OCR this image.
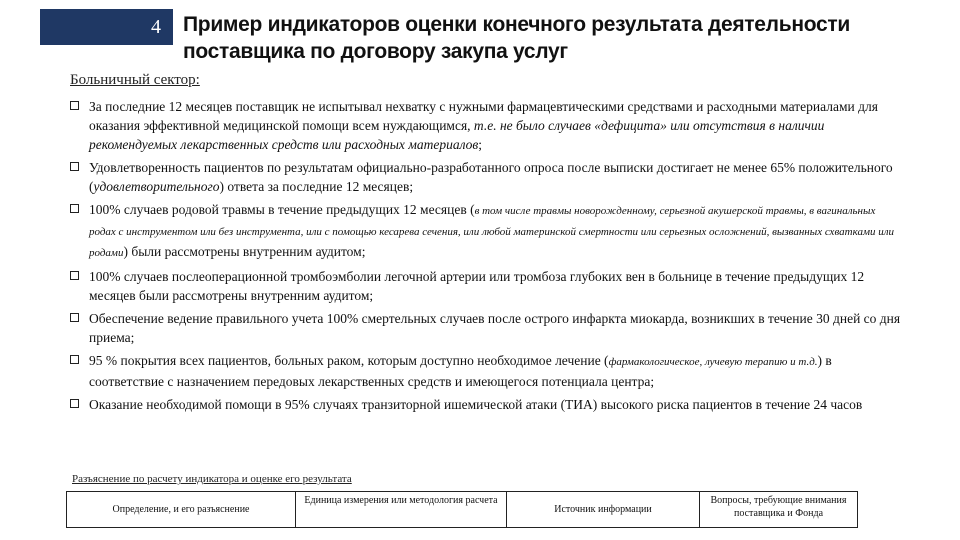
4 Пример индикаторов оценки конечного результата деятельности поставщика по договору закупа услуг
Больничный сектор:
За последние 12 месяцев поставщик не испытывал нехватку с нужными фармацевтическими средствами и расходными материалами для оказания эффективной медицинской помощи всем нуждающимся, т.е. не было случаев «дефицита» или отсутствия в наличии рекомендуемых лекарственных средств или расходных материалов;
Удовлетворенность пациентов по результатам официально-разработанного опроса после выписки достигает не менее 65% положительного (удовлетворительного) ответа за последние 12 месяцев;
100% случаев родовой травмы в течение предыдущих 12 месяцев (в том числе травмы новорожденному, серьезной акушерской травмы, в вагинальных родах с инструментом или без инструмента, или с помощью кесарева сечения, или любой материнской смертности или серьезных осложнений, вызванных схватками или родами) были рассмотрены внутренним аудитом;
100% случаев послеоперационной тромбоэмболии легочной артерии или тромбоза глубоких вен в больнице в течение предыдущих 12 месяцев были рассмотрены внутренним аудитом;
Обеспечение ведение правильного учета 100% смертельных случаев после острого инфаркта миокарда, возникших в течение 30 дней со дня приема;
95 % покрытия всех пациентов, больных раком, которым доступно необходимое лечение (фармакологическое, лучевую терапию и т.д.) в соответствие с назначением передовых лекарственных средств и имеющегося потенциала центра;
Оказание необходимой помощи в 95% случаях транзиторной ишемической атаки (ТИА) высокого риска пациентов в течение 24 часов
Разъяснение по расчету индикатора и оценке его результата
Определение, и его разъяснение	Единица измерения или методология расчета	Источник информации	Вопросы, требующие внимания поставщика и Фонда
